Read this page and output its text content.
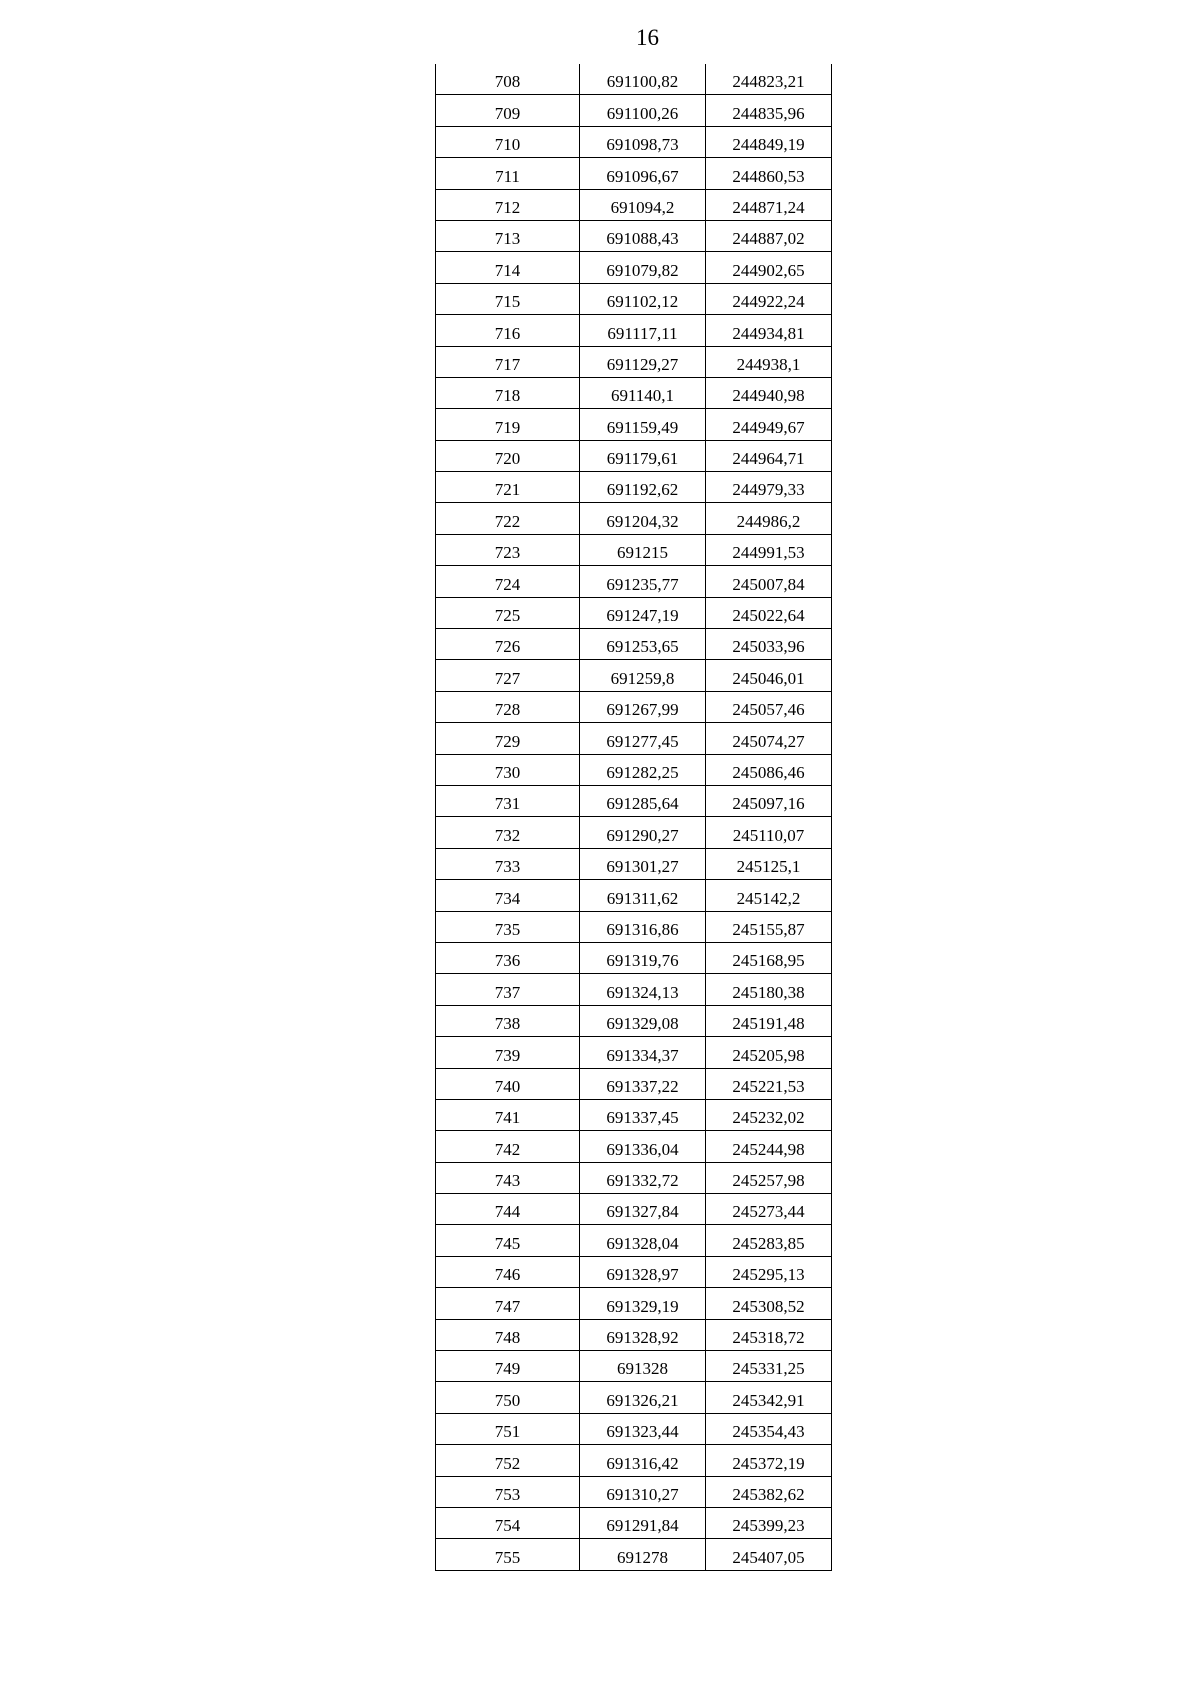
16
708	691100,82	244823,21
709	691100,26	244835,96
710	691098,73	244849,19
711	691096,67	244860,53
712	691094,2	244871,24
713	691088,43	244887,02
714	691079,82	244902,65
715	691102,12	244922,24
716	691117,11	244934,81
717	691129,27	244938,1
718	691140,1	244940,98
719	691159,49	244949,67
720	691179,61	244964,71
721	691192,62	244979,33
722	691204,32	244986,2
723	691215	244991,53
724	691235,77	245007,84
725	691247,19	245022,64
726	691253,65	245033,96
727	691259,8	245046,01
728	691267,99	245057,46
729	691277,45	245074,27
730	691282,25	245086,46
731	691285,64	245097,16
732	691290,27	245110,07
733	691301,27	245125,1
734	691311,62	245142,2
735	691316,86	245155,87
736	691319,76	245168,95
737	691324,13	245180,38
738	691329,08	245191,48
739	691334,37	245205,98
740	691337,22	245221,53
741	691337,45	245232,02
742	691336,04	245244,98
743	691332,72	245257,98
744	691327,84	245273,44
745	691328,04	245283,85
746	691328,97	245295,13
747	691329,19	245308,52
748	691328,92	245318,72
749	691328	245331,25
750	691326,21	245342,91
751	691323,44	245354,43
752	691316,42	245372,19
753	691310,27	245382,62
754	691291,84	245399,23
755	691278	245407,05
